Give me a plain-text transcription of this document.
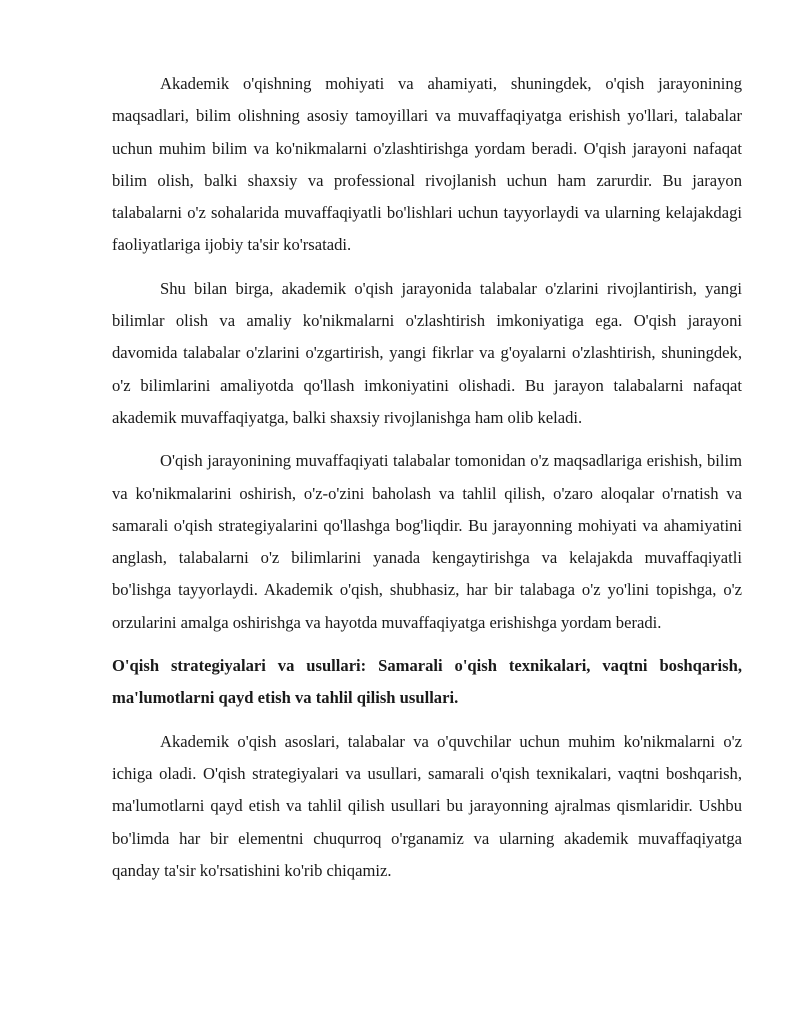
Akademik o'qishning mohiyati va ahamiyati, shuningdek, o'qish jarayonining maqsadlari, bilim olishning asosiy tamoyillari va muvaffaqiyatga erishish yo'llari, talabalar uchun muhim bilim va ko'nikmalarni o'zlashtirishga yordam beradi. O'qish jarayoni nafaqat bilim olish, balki shaxsiy va professional rivojlanish uchun ham zarurdir. Bu jarayon talabalarni o'z sohalarida muvaffaqiyatli bo'lishlari uchun tayyorlaydi va ularning kelajakdagi faoliyatlariga ijobiy ta'sir ko'rsatadi.

Shu bilan birga, akademik o'qish jarayonida talabalar o'zlarini rivojlantirish, yangi bilimlar olish va amaliy ko'nikmalarni o'zlashtirish imkoniyatiga ega. O'qish jarayoni davomida talabalar o'zlarini o'zgartirish, yangi fikrlar va g'oyalarni o'zlashtirish, shuningdek, o'z bilimlarini amaliyotda qo'llash imkoniyatini olishadi. Bu jarayon talabalarni nafaqat akademik muvaffaqiyatga, balki shaxsiy rivojlanishga ham olib keladi.

O'qish jarayonining muvaffaqiyati talabalar tomonidan o'z maqsadlariga erishish, bilim va ko'nikmalarini oshirish, o'z-o'zini baholash va tahlil qilish, o'zaro aloqalar o'rnatish va samarali o'qish strategiyalarini qo'llashga bog'liqdir. Bu jarayonning mohiyati va ahamiyatini anglash, talabalarni o'z bilimlarini yanada kengaytirishga va kelajakda muvaffaqiyatli bo'lishga tayyorlaydi. Akademik o'qish, shubhasiz, har bir talabaga o'z yo'lini topishga, o'z orzularini amalga oshirishga va hayotda muvaffaqiyatga erishishga yordam beradi.

O'qish strategiyalari va usullari: Samarali o'qish texnikalari, vaqtni boshqarish, ma'lumotlarni qayd etish va tahlil qilish usullari.

Akademik o'qish asoslari, talabalar va o'quvchilar uchun muhim ko'nikmalarni o'z ichiga oladi. O'qish strategiyalari va usullari, samarali o'qish texnikalari, vaqtni boshqarish, ma'lumotlarni qayd etish va tahlil qilish usullari bu jarayonning ajralmas qismlaridir. Ushbu bo'limda har bir elementni chuqurroq o'rganamiz va ularning akademik muvaffaqiyatga qanday ta'sir ko'rsatishini ko'rib chiqamiz.
